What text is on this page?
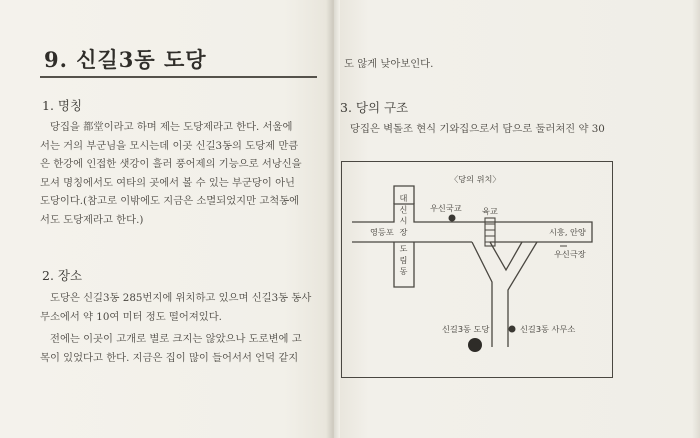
9. 신길3동 도당
1. 명칭
당집을 都堂이라고 하며 제는 도당제라고 한다. 서울에
서는 거의 부군님을 모시는데 이곳 신길3동의 도당제 만큼
은 한강에 인접한 샛강이 흘러 풍어제의 기능으로 서낭신을
모셔 명칭에서도 여타의 곳에서 볼 수 있는 부군당이 아닌
도당이다.(참고로 이밖에도 지금은 소멸되었지만 고척동에
서도 도당제라고 한다.)
2. 장소
도당은 신길3동 285번지에 위치하고 있으며 신길3동 동사
무소에서 약 10여 미터 정도 떨어져있다.
전에는 이곳이 고개로 별로 크지는 않았으나 도로변에 고
목이 있었다고 한다. 지금은 집이 많이 들어서서 언덕 같지
도 않게 낮아보인다.
3. 당의 구조
당집은 벽돌조 현식 기와집으로서 담으로 둘러쳐진 약 30
〈당의 위치〉
영등포	시흥, 안양
우신국교 육교
우신극장
신길3동 도당	신길3동 사무소
대신시장 도림동
